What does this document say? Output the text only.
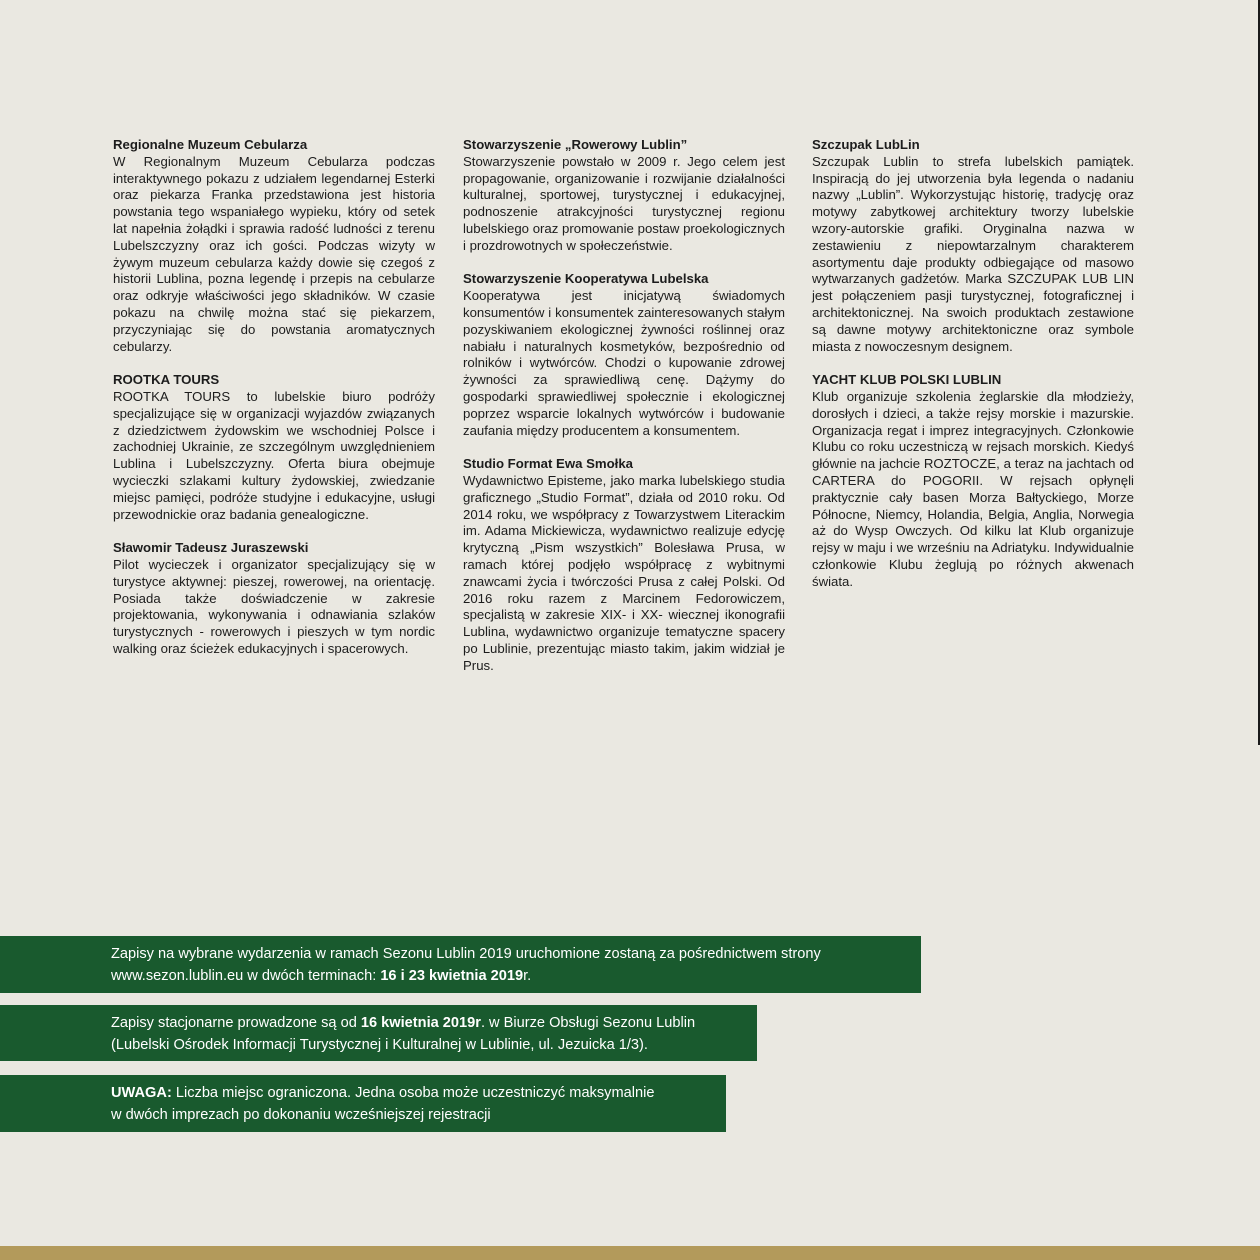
Regionalne Muzeum Cebularza

W Regionalnym Muzeum Cebularza podczas interaktywnego pokazu z udziałem legendarnej Esterki oraz piekarza Franka przedstawiona jest historia powstania tego wspaniałego wypieku, który od setek lat napełnia żołądki i sprawia radość ludności z terenu Lubelszczyzny oraz ich gości. Podczas wizyty w żywym muzeum cebularza każdy dowie się czegoś z historii Lublina, pozna legendę i przepis na cebularze oraz odkryje właściwości jego składników. W czasie pokazu na chwilę można stać się piekarzem, przyczyniając się do powstania aromatycznych cebularzy.

ROOTKA TOURS

ROOTKA TOURS to lubelskie biuro podróży specjalizujące się w organizacji wyjazdów związanych z dziedzictwem żydowskim we wschodniej Polsce i zachodniej Ukrainie, ze szczególnym uwzględnieniem Lublina i Lubelszczyzny. Oferta biura obejmuje wycieczki szlakami kultury żydowskiej, zwiedzanie miejsc pamięci, podróże studyjne i edukacyjne, usługi przewodnickie oraz badania genealogiczne.

Sławomir Tadeusz Juraszewski

Pilot wycieczek i organizator specjalizujący się w turystyce aktywnej: pieszej, rowerowej, na orientację. Posiada także doświadczenie w zakresie projektowania, wykonywania i odnawiania szlaków turystycznych - rowerowych i pieszych w tym nordic walking oraz ścieżek edukacyjnych i spacerowych.

Stowarzyszenie „Rowerowy Lublin”

Stowarzyszenie powstało w 2009 r. Jego celem jest propagowanie, organizowanie i rozwijanie działalności kulturalnej, sportowej, turystycznej i edukacyjnej, podnoszenie atrakcyjności turystycznej regionu lubelskiego oraz promowanie postaw proekologicznych i prozdrowotnych w społeczeństwie.

Stowarzyszenie Kooperatywa Lubelska

Kooperatywa jest inicjatywą świadomych konsumentów i konsumentek zainteresowanych stałym pozyskiwaniem ekologicznej żywności roślinnej oraz nabiału i naturalnych kosmetyków, bezpośrednio od rolników i wytwórców. Chodzi o kupowanie zdrowej żywności za sprawiedliwą cenę. Dążymy do gospodarki sprawiedliwej społecznie i ekologicznej poprzez wsparcie lokalnych wytwórców i budowanie zaufania między producentem a konsumentem.

Studio Format Ewa Smołka

Wydawnictwo Episteme, jako marka lubelskiego studia graficznego „Studio Format”, działa od 2010 roku. Od 2014 roku, we współpracy z Towarzystwem Literackim im. Adama Mickiewicza, wydawnictwo realizuje edycję krytyczną „Pism wszystkich” Bolesława Prusa, w ramach której podjęło współpracę z wybitnymi znawcami życia i twórczości Prusa z całej Polski. Od 2016 roku razem z Marcinem Fedorowiczem, specjalistą w zakresie XIX- i XX- wiecznej ikonografii Lublina, wydawnictwo organizuje tematyczne spacery po Lublinie, prezentując miasto takim, jakim widział je Prus.

Szczupak LubLin

Szczupak Lublin to strefa lubelskich pamiątek. Inspiracją do jej utworzenia była legenda o nadaniu nazwy „Lublin”. Wykorzystując historię, tradycję oraz motywy zabytkowej architektury tworzy lubelskie wzory-autorskie grafiki. Oryginalna nazwa w zestawieniu z niepowtarzalnym charakterem asortymentu daje produkty odbiegające od masowo wytwarzanych gadżetów. Marka SZCZUPAK LUB LIN jest połączeniem pasji turystycznej, fotograficznej i architektonicznej. Na swoich produktach zestawione są dawne motywy architektoniczne oraz symbole miasta z nowoczesnym designem.

YACHT KLUB POLSKI LUBLIN

Klub organizuje szkolenia żeglarskie dla młodzieży, dorosłych i dzieci, a także rejsy morskie i mazurskie. Organizacja regat i imprez integracyjnych. Członkowie Klubu co roku uczestniczą w rejsach morskich. Kiedyś głównie na jachcie ROZTOCZE, a teraz na jachtach od CARTERA do POGORII. W rejsach opłynęli praktycznie cały basen Morza Bałtyckiego, Morze Północne, Niemcy, Holandia, Belgia, Anglia, Norwegia aż do Wysp Owczych. Od kilku lat Klub organizuje rejsy w maju i we wrześniu na Adriatyku. Indywidualnie członkowie Klubu żeglują po różnych akwenach świata.

Zapisy na wybrane wydarzenia w ramach Sezonu Lublin 2019 uruchomione zostaną za pośrednictwem strony
www.sezon.lublin.eu w dwóch terminach: 16 i 23 kwietnia 2019r.
Zapisy stacjonarne prowadzone są od 16 kwietnia 2019r. w Biurze Obsługi Sezonu Lublin
(Lubelski Ośrodek Informacji Turystycznej i Kulturalnej w Lublinie, ul. Jezuicka 1/3).
UWAGA: Liczba miejsc ograniczona. Jedna osoba może uczestniczyć maksymalnie
w dwóch imprezach po dokonaniu wcześniejszej rejestracji
